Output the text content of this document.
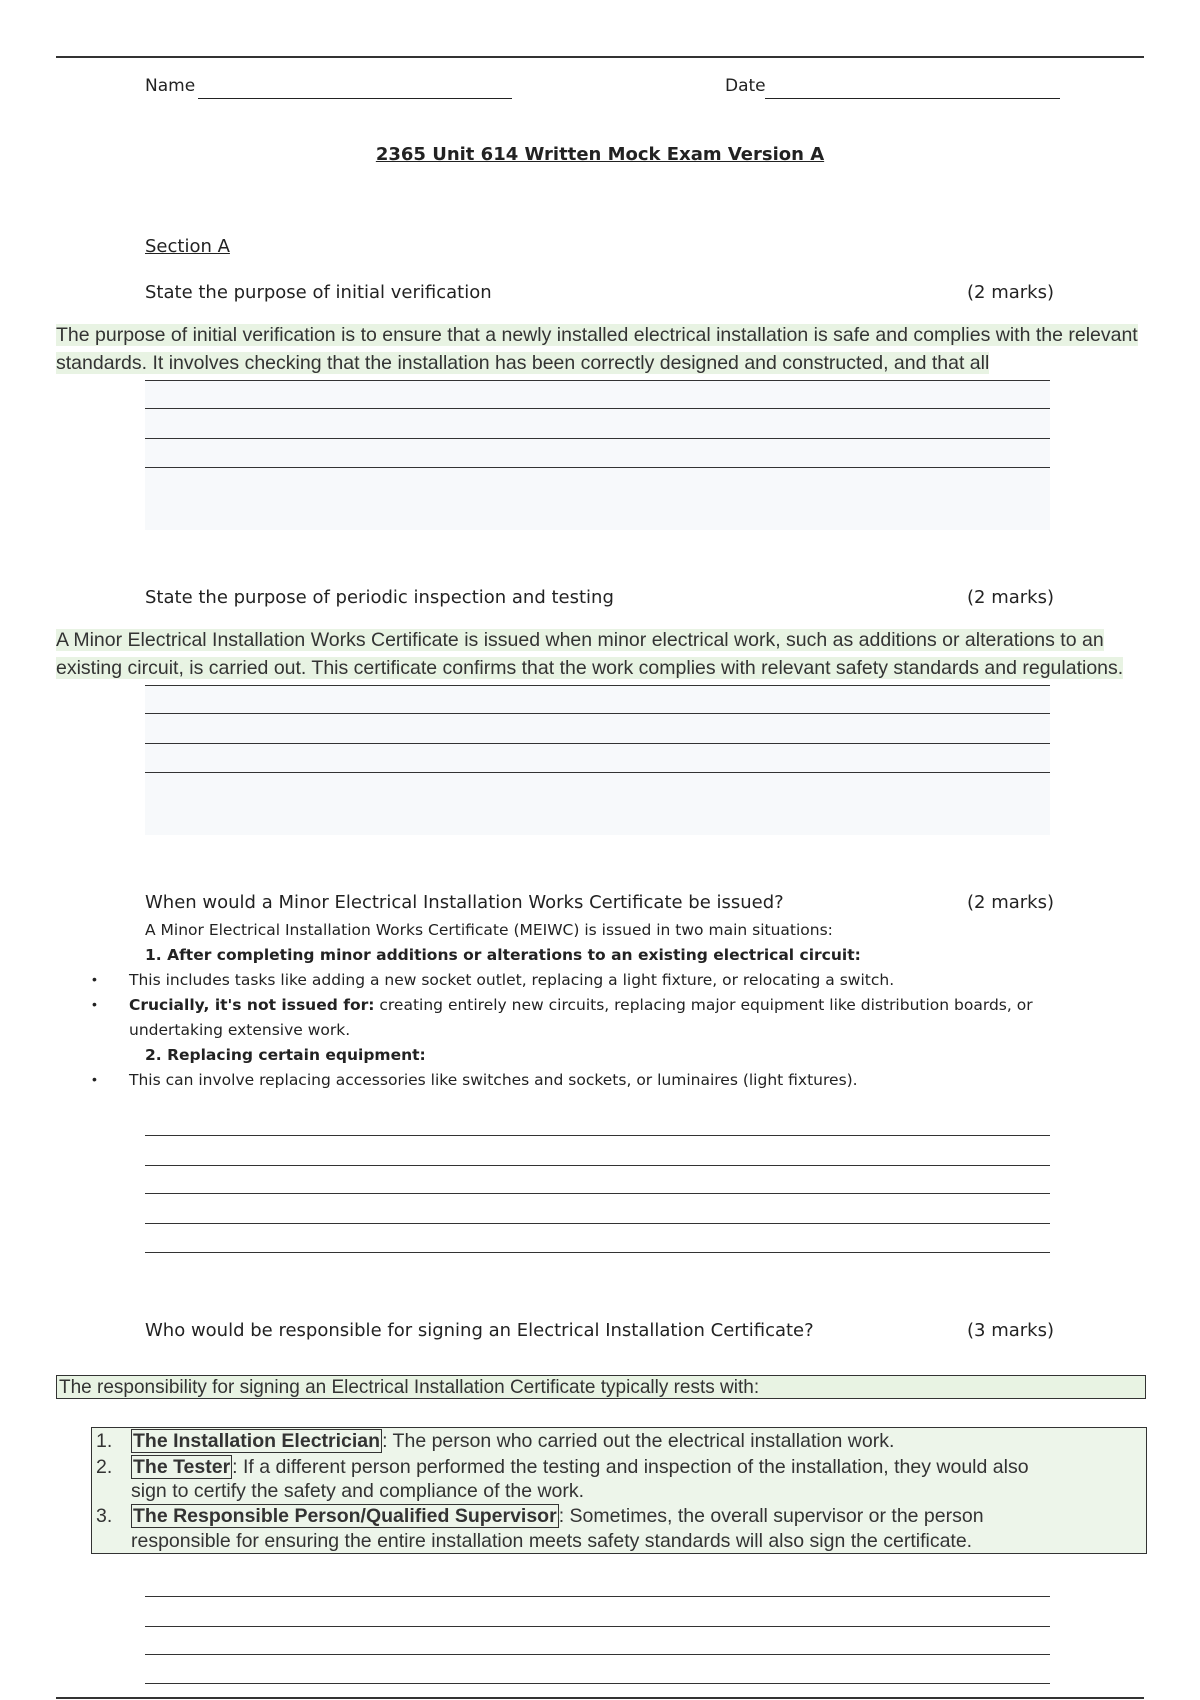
Name	Date
2365 Unit 614 Written Mock Exam Version A
Section A
State the purpose of initial verification	(2 marks)
The purpose of initial verification is to ensure that a newly installed electrical installation is safe and complies with the relevant standards. It involves checking that the installation has been correctly designed and constructed, and that all
State the purpose of periodic inspection and testing	(2 marks)
A Minor Electrical Installation Works Certificate is issued when minor electrical work, such as additions or alterations to an existing circuit, is carried out. This certificate confirms that the work complies with relevant safety standards and regulations.
When would a Minor Electrical Installation Works Certificate be issued?	(2 marks)
A Minor Electrical Installation Works Certificate (MEIWC) is issued in two main situations:
1. After completing minor additions or alterations to an existing electrical circuit:
• This includes tasks like adding a new socket outlet, replacing a light fixture, or relocating a switch.
• Crucially, it's not issued for: creating entirely new circuits, replacing major equipment like distribution boards, or
undertaking extensive work.
2. Replacing certain equipment:
• This can involve replacing accessories like switches and sockets, or luminaires (light fixtures).
Who would be responsible for signing an Electrical Installation Certificate?	(3 marks)
The responsibility for signing an Electrical Installation Certificate typically rests with:
1. The Installation Electrician : The person who carried out the electrical installation work.
2. The Tester : If a different person performed the testing and inspection of the installation, they would also
sign to certify the safety and compliance of the work.
3. The Responsible Person/Qualified Supervisor : Sometimes, the overall supervisor or the person
responsible for ensuring the entire installation meets safety standards will also sign the certificate.
